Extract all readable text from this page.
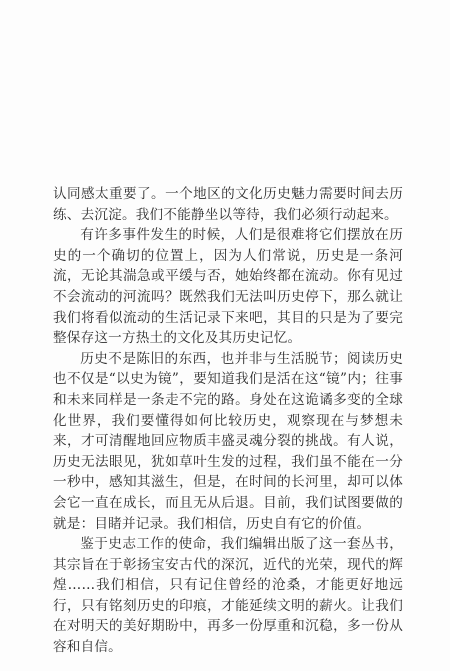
认同感太重要了。一个地区的文化历史魅力需要时间去历练、去沉淀。我们不能静坐以等待，我们必须行动起来。

有许多事件发生的时候，人们是很难将它们摆放在历史的一个确切的位置上，因为人们常说，历史是一条河流，无论其湍急或平缓与否，她始终都在流动。你有见过不会流动的河流吗？既然我们无法叫历史停下，那么就让我们将看似流动的生活记录下来吧，其目的只是为了要完整保存这一方热土的文化及其历史记忆。

历史不是陈旧的东西，也并非与生活脱节；阅读历史也不仅是“以史为镜”，要知道我们是活在这“镜”内；往事和未来同样是一条走不完的路。身处在这诡谲多变的全球化世界，我们要懂得如何比较历史，观察现在与梦想未来，才可清醒地回应物质丰盛灵魂分裂的挑战。有人说，历史无法眼见，犹如草叶生发的过程，我们虽不能在一分一秒中，感知其滋生，但是，在时间的长河里，却可以体会它一直在成长，而且无从后退。目前，我们试图要做的就是：目睹并记录。我们相信，历史自有它的价值。

鉴于史志工作的使命，我们编辑出版了这一套丛书，其宗旨在于彰扬宝安古代的深沉，近代的光荣，现代的辉煌……我们相信，只有记住曾经的沧桑，才能更好地远行，只有铭刻历史的印痕，才能延续文明的薪火。让我们在对明天的美好期盼中，再多一份厚重和沉稳，多一份从容和自信。
